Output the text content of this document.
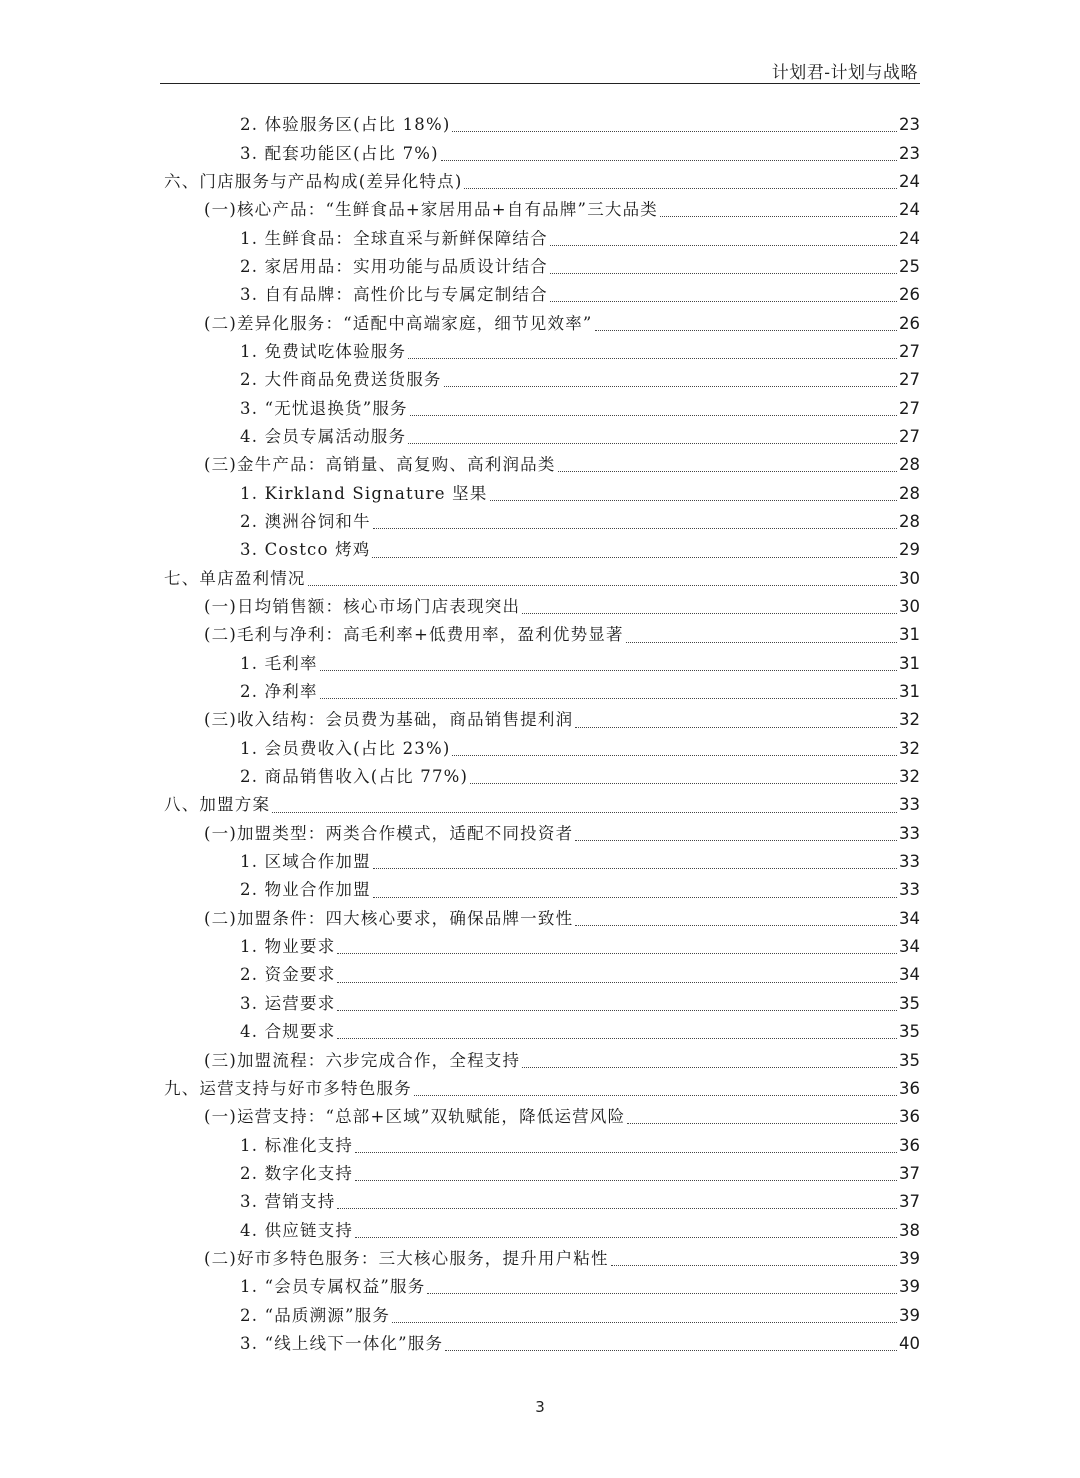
计划君-计划与战略
2. 体验服务区(占比 18%)	23
3. 配套功能区(占比 7%)	23
六、门店服务与产品构成(差异化特点)	24
(一)核心产品：“生鲜食品+家居用品+自有品牌”三大品类	24
1. 生鲜食品：全球直采与新鲜保障结合	24
2. 家居用品：实用功能与品质设计结合	25
3. 自有品牌：高性价比与专属定制结合	26
(二)差异化服务：“适配中高端家庭，细节见效率”	26
1. 免费试吃体验服务	27
2. 大件商品免费送货服务	27
3. “无忧退换货”服务	27
4. 会员专属活动服务	27
(三)金牛产品：高销量、高复购、高利润品类	28
1. Kirkland Signature 坚果	28
2. 澳洲谷饲和牛	28
3. Costco 烤鸡	29
七、单店盈利情况	30
(一)日均销售额：核心市场门店表现突出	30
(二)毛利与净利：高毛利率+低费用率，盈利优势显著	31
1. 毛利率	31
2. 净利率	31
(三)收入结构：会员费为基础，商品销售提利润	32
1. 会员费收入(占比 23%)	32
2. 商品销售收入(占比 77%)	32
八、加盟方案	33
(一)加盟类型：两类合作模式，适配不同投资者	33
1. 区域合作加盟	33
2. 物业合作加盟	33
(二)加盟条件：四大核心要求，确保品牌一致性	34
1. 物业要求	34
2. 资金要求	34
3. 运营要求	35
4. 合规要求	35
(三)加盟流程：六步完成合作，全程支持	35
九、运营支持与好市多特色服务	36
(一)运营支持：“总部+区域”双轨赋能，降低运营风险	36
1. 标准化支持	36
2. 数字化支持	37
3. 营销支持	37
4. 供应链支持	38
(二)好市多特色服务：三大核心服务，提升用户粘性	39
1. “会员专属权益”服务	39
2. “品质溯源”服务	39
3. “线上线下一体化”服务	40
3
